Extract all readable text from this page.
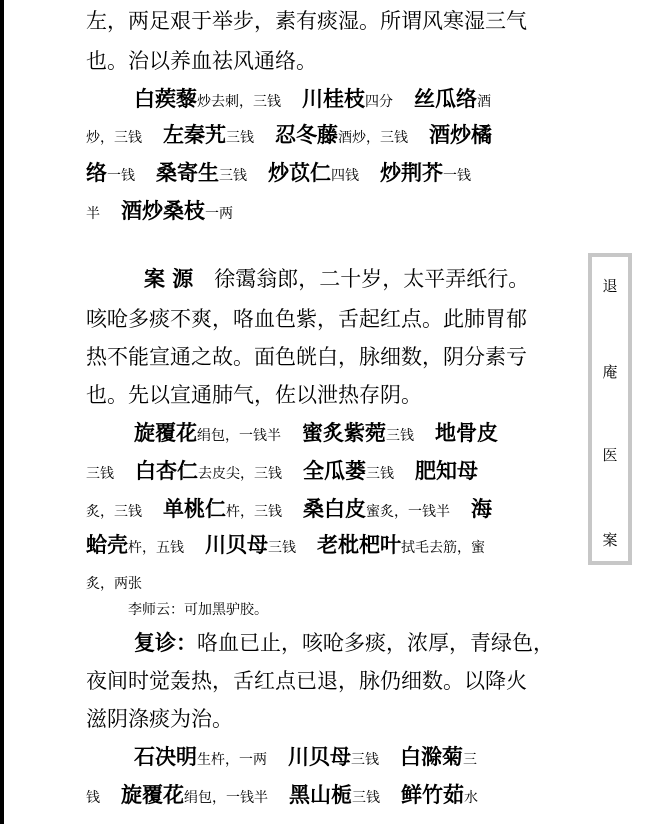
左，两足艰于举步，素有痰湿。所谓风寒湿三气
也。治以养血祛风通络。
白蒺藜炒去刺，三钱　川桂枝四分　丝瓜络酒
炒，三钱　左秦艽三钱　忍冬藤酒炒，三钱　酒炒橘
络一钱　桑寄生三钱　炒苡仁四钱　炒荆芥一钱
半　酒炒桑枝一两
案 源　徐霭翁郎，二十岁，太平弄纸行。
咳呛多痰不爽，咯血色紫，舌起红点。此肺胃郁
热不能宣通之故。面色㿠白，脉细数，阴分素亏
也。先以宣通肺气，佐以泄热存阴。
旋覆花绢包，一钱半　蜜炙紫菀三钱　地骨皮
三钱　白杏仁去皮尖，三钱　全瓜蒌三钱　肥知母
炙，三钱　单桃仁杵，三钱　桑白皮蜜炙，一钱半　海
蛤壳杵，五钱　川贝母三钱　老枇杷叶拭毛去筋，蜜
炙，两张
复诊：咯血已止，咳呛多痰，浓厚，青绿色，
夜间时觉轰热，舌红点已退，脉仍细数。以降火
滋阴涤痰为治。
石决明生杵，一两　川贝母三钱　白滁菊三
钱　旋覆花绢包，一钱半　黑山栀三钱　鲜竹茹水
李师云：可加黑驴胶。
退
庵
医
案
